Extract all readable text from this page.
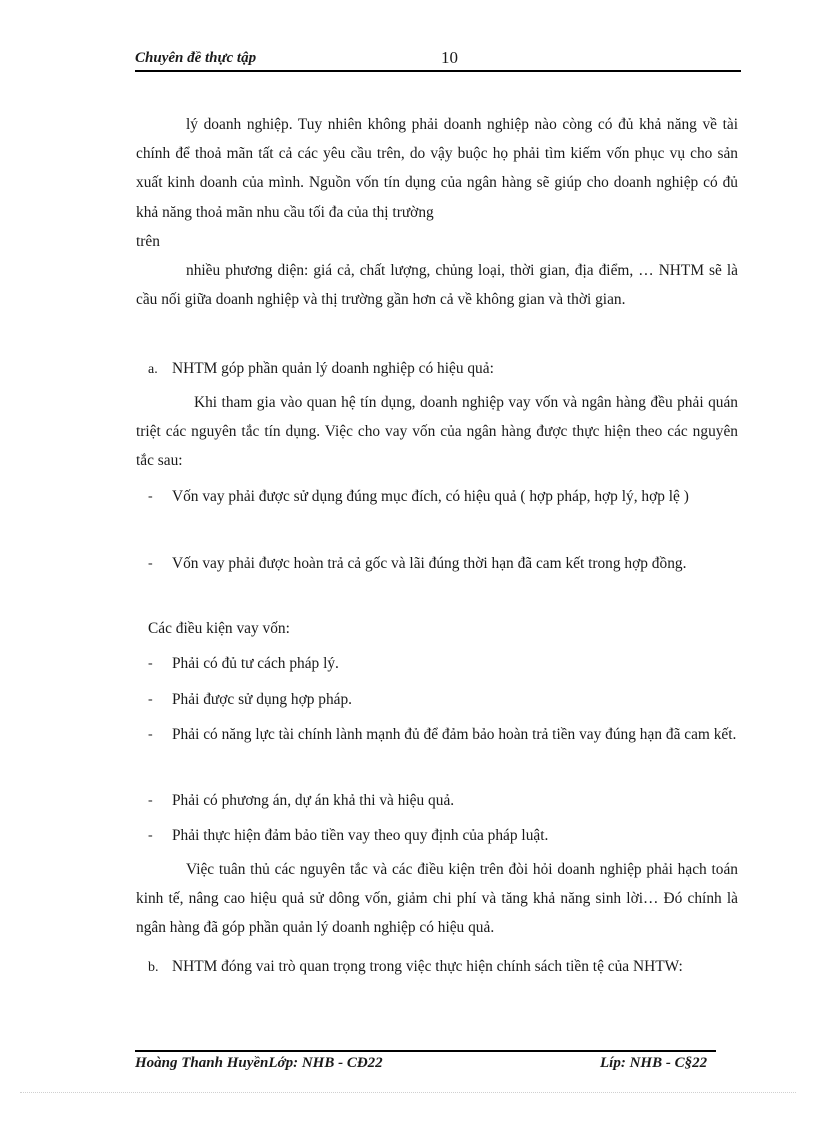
Chuyên đề thực tập	10

lý doanh nghiệp. Tuy nhiên không phải doanh nghiệp nào còng có đủ khả năng về tài chính để thoả mãn tất cả các yêu cầu trên, do vậy buộc họ phải tìm kiếm vốn phục vụ cho sản xuất kinh doanh của mình. Nguồn vốn tín dụng của ngân hàng sẽ giúp cho doanh nghiệp có đủ khả năng thoả mãn nhu cầu tối đa của thị trường

trên

nhiều phương diện: giá cả, chất lượng, chủng loại, thời gian, địa điểm, … NHTM sẽ là cầu nối giữa doanh nghiệp và thị trường gần hơn cả về không gian và thời gian.

a. NHTM góp phần quản lý doanh nghiệp có hiệu quả:

Khi tham gia vào quan hệ tín dụng, doanh nghiệp vay vốn và ngân hàng đều phải quán triệt các nguyên tắc tín dụng. Việc cho vay vốn của ngân hàng được thực hiện theo các nguyên tắc sau:

- Vốn vay phải được sử dụng đúng mục đích, có hiệu quả ( hợp pháp, hợp lý, hợp lệ )

- Vốn vay phải được hoàn trả cả gốc và lãi đúng thời hạn đã cam kết trong hợp đồng.

Các điều kiện vay vốn:

- Phải có đủ tư cách pháp lý.

- Phải được sử dụng hợp pháp.

- Phải có năng lực tài chính lành mạnh đủ để đảm bảo hoàn trả tiền vay đúng hạn đã cam kết.

- Phải có phương án, dự án khả thi và hiệu quả.

- Phải thực hiện đảm bảo tiền vay theo quy định của pháp luật.

Việc tuân thủ các nguyên tắc và các điều kiện trên đòi hỏi doanh nghiệp phải hạch toán kinh tế, nâng cao hiệu quả sử dông vốn, giảm chi phí và tăng khả năng sinh lời… Đó chính là ngân hàng đã góp phần quản lý doanh nghiệp có hiệu quả.

b. NHTM đóng vai trò quan trọng trong việc thực hiện chính sách tiền tệ của NHTW:

Hoàng Thanh HuyềnLớp: NHB - CĐ22	Líp: NHB - C§22
